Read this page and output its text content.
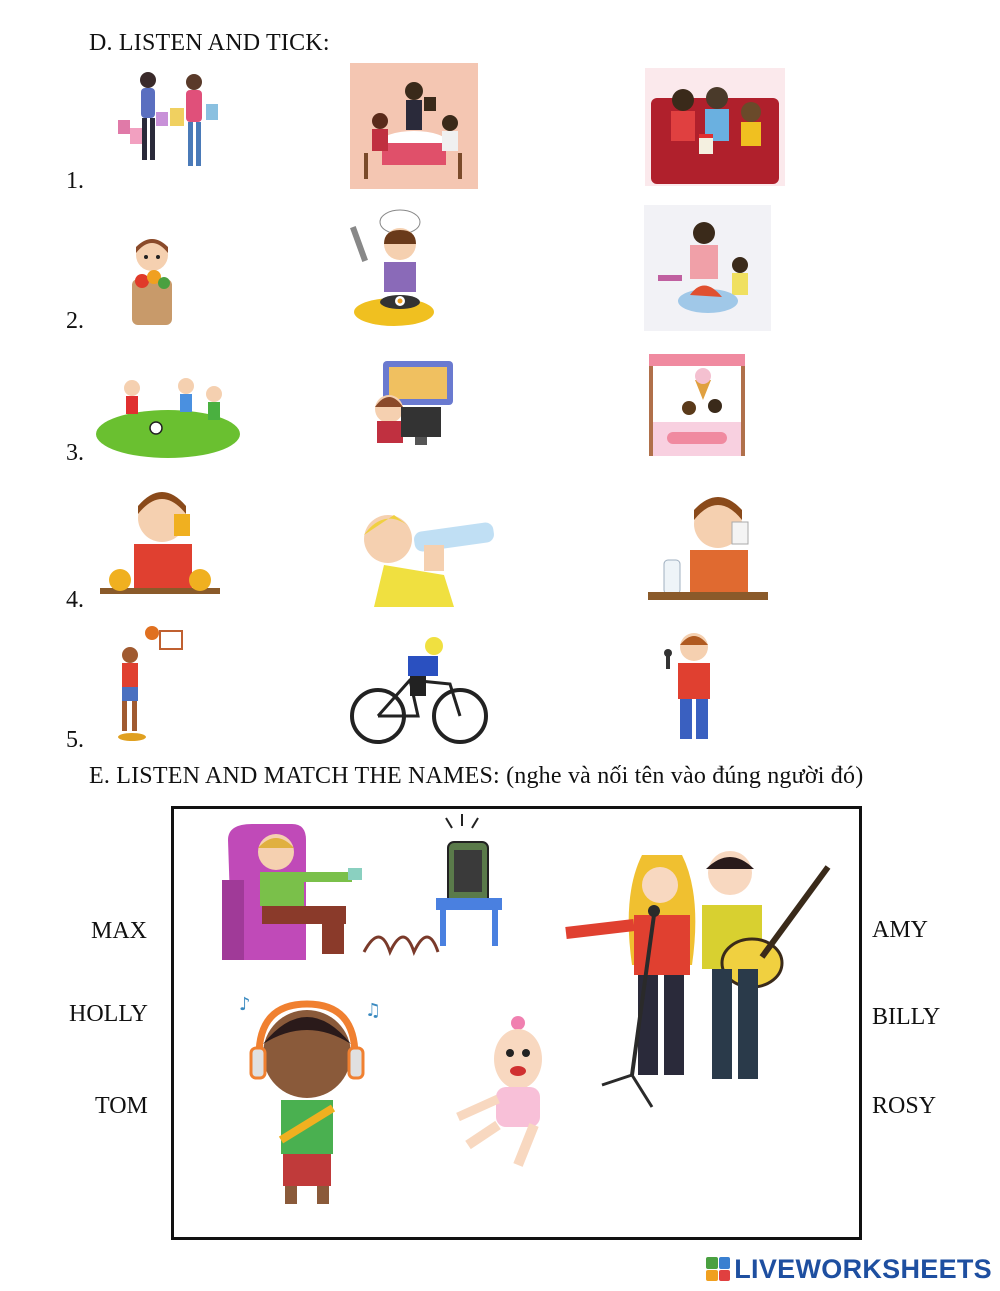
D. LISTEN AND TICK:
1.
2.
3.
4.
5.
E. LISTEN AND MATCH THE NAMES: (nghe và nối tên vào đúng người đó)
MAX
HOLLY
TOM
AMY
BILLY
ROSY
♪	♫
LIVEWORKSHEETS
